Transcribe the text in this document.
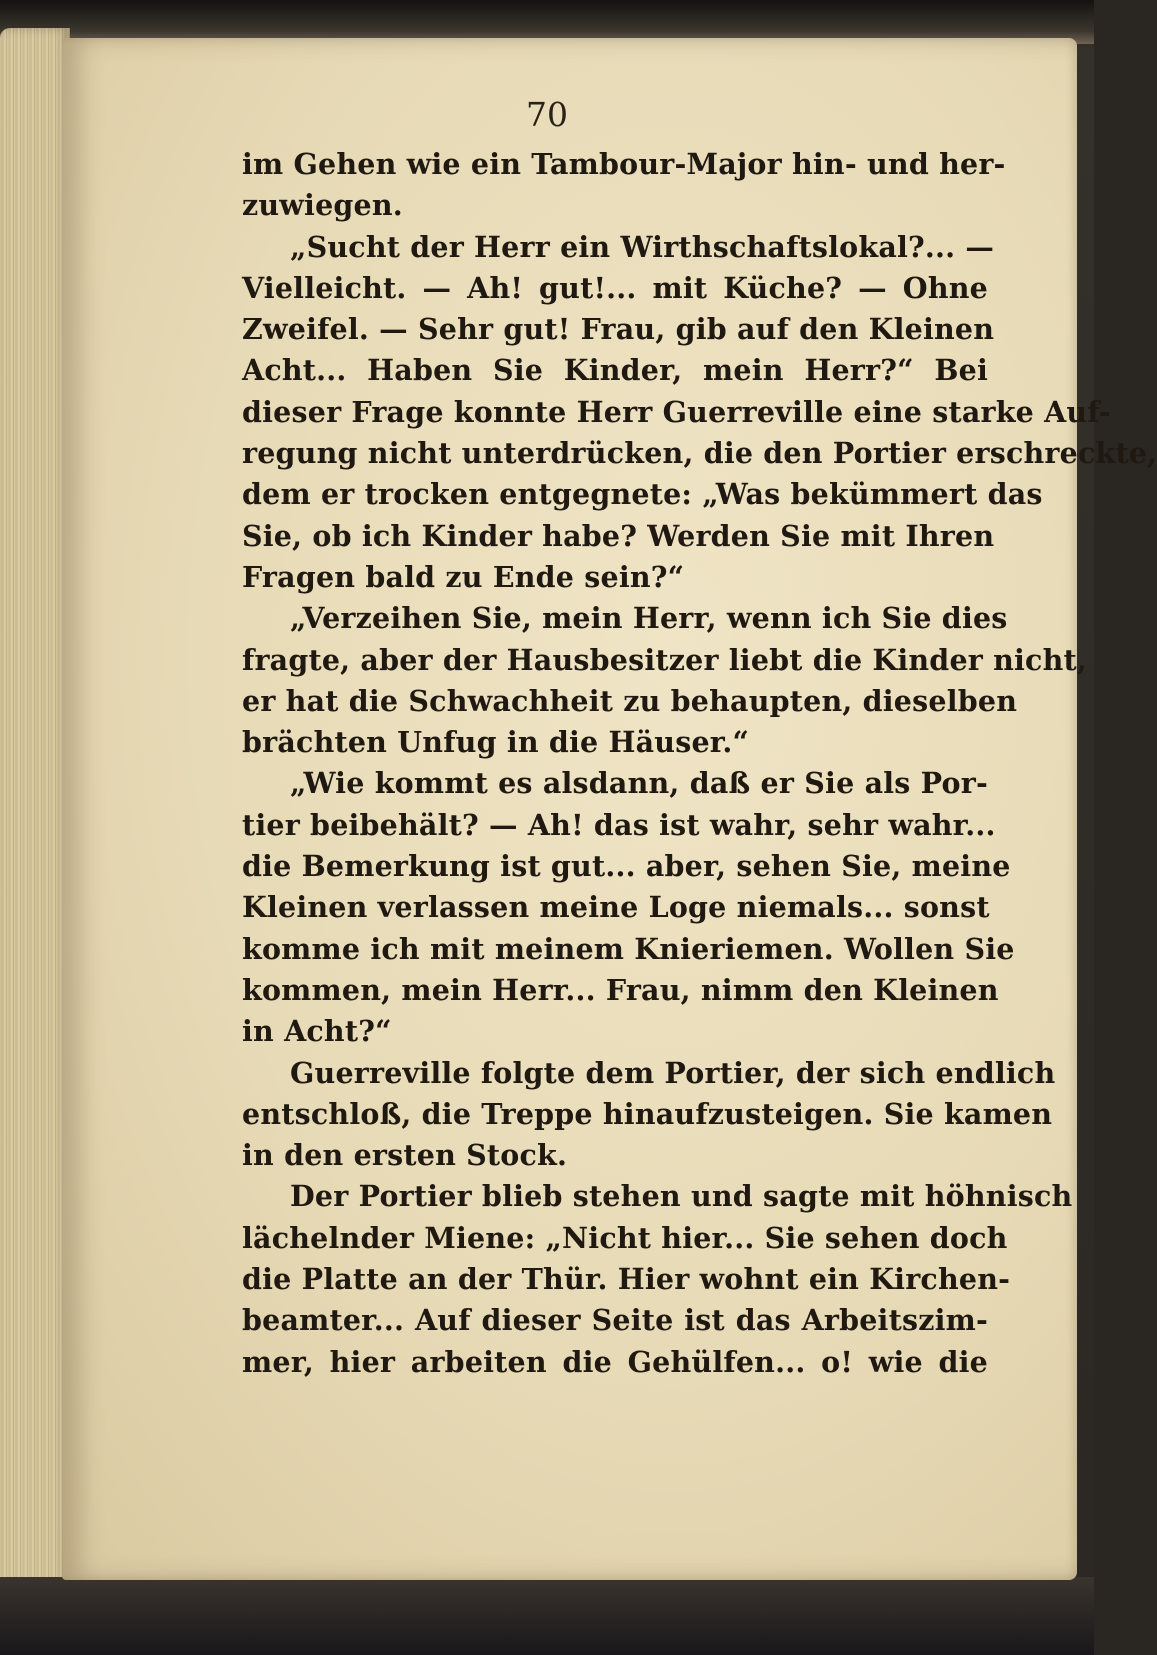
70
im Gehen wie ein Tambour-Major hin- und her-
zuwiegen.
„Sucht der Herr ein Wirthschaftslokal?... —
Vielleicht. — Ah! gut!... mit Küche? — Ohne
Zweifel. — Sehr gut! Frau, gib auf den Kleinen
Acht... Haben Sie Kinder, mein Herr?“ Bei
dieser Frage konnte Herr Guerreville eine starke Auf-
regung nicht unterdrücken, die den Portier erschreckte,
dem er trocken entgegnete: „Was bekümmert das
Sie, ob ich Kinder habe? Werden Sie mit Ihren
Fragen bald zu Ende sein?“
„Verzeihen Sie, mein Herr, wenn ich Sie dies
fragte, aber der Hausbesitzer liebt die Kinder nicht,
er hat die Schwachheit zu behaupten, dieselben
brächten Unfug in die Häuser.“
„Wie kommt es alsdann, daß er Sie als Por-
tier beibehält? — Ah! das ist wahr, sehr wahr...
die Bemerkung ist gut... aber, sehen Sie, meine
Kleinen verlassen meine Loge niemals... sonst
komme ich mit meinem Knieriemen. Wollen Sie
kommen, mein Herr... Frau, nimm den Kleinen
in Acht?“
Guerreville folgte dem Portier, der sich endlich
entschloß, die Treppe hinaufzusteigen. Sie kamen
in den ersten Stock.
Der Portier blieb stehen und sagte mit höhnisch
lächelnder Miene: „Nicht hier... Sie sehen doch
die Platte an der Thür. Hier wohnt ein Kirchen-
beamter... Auf dieser Seite ist das Arbeitszim-
mer, hier arbeiten die Gehülfen... o! wie die
